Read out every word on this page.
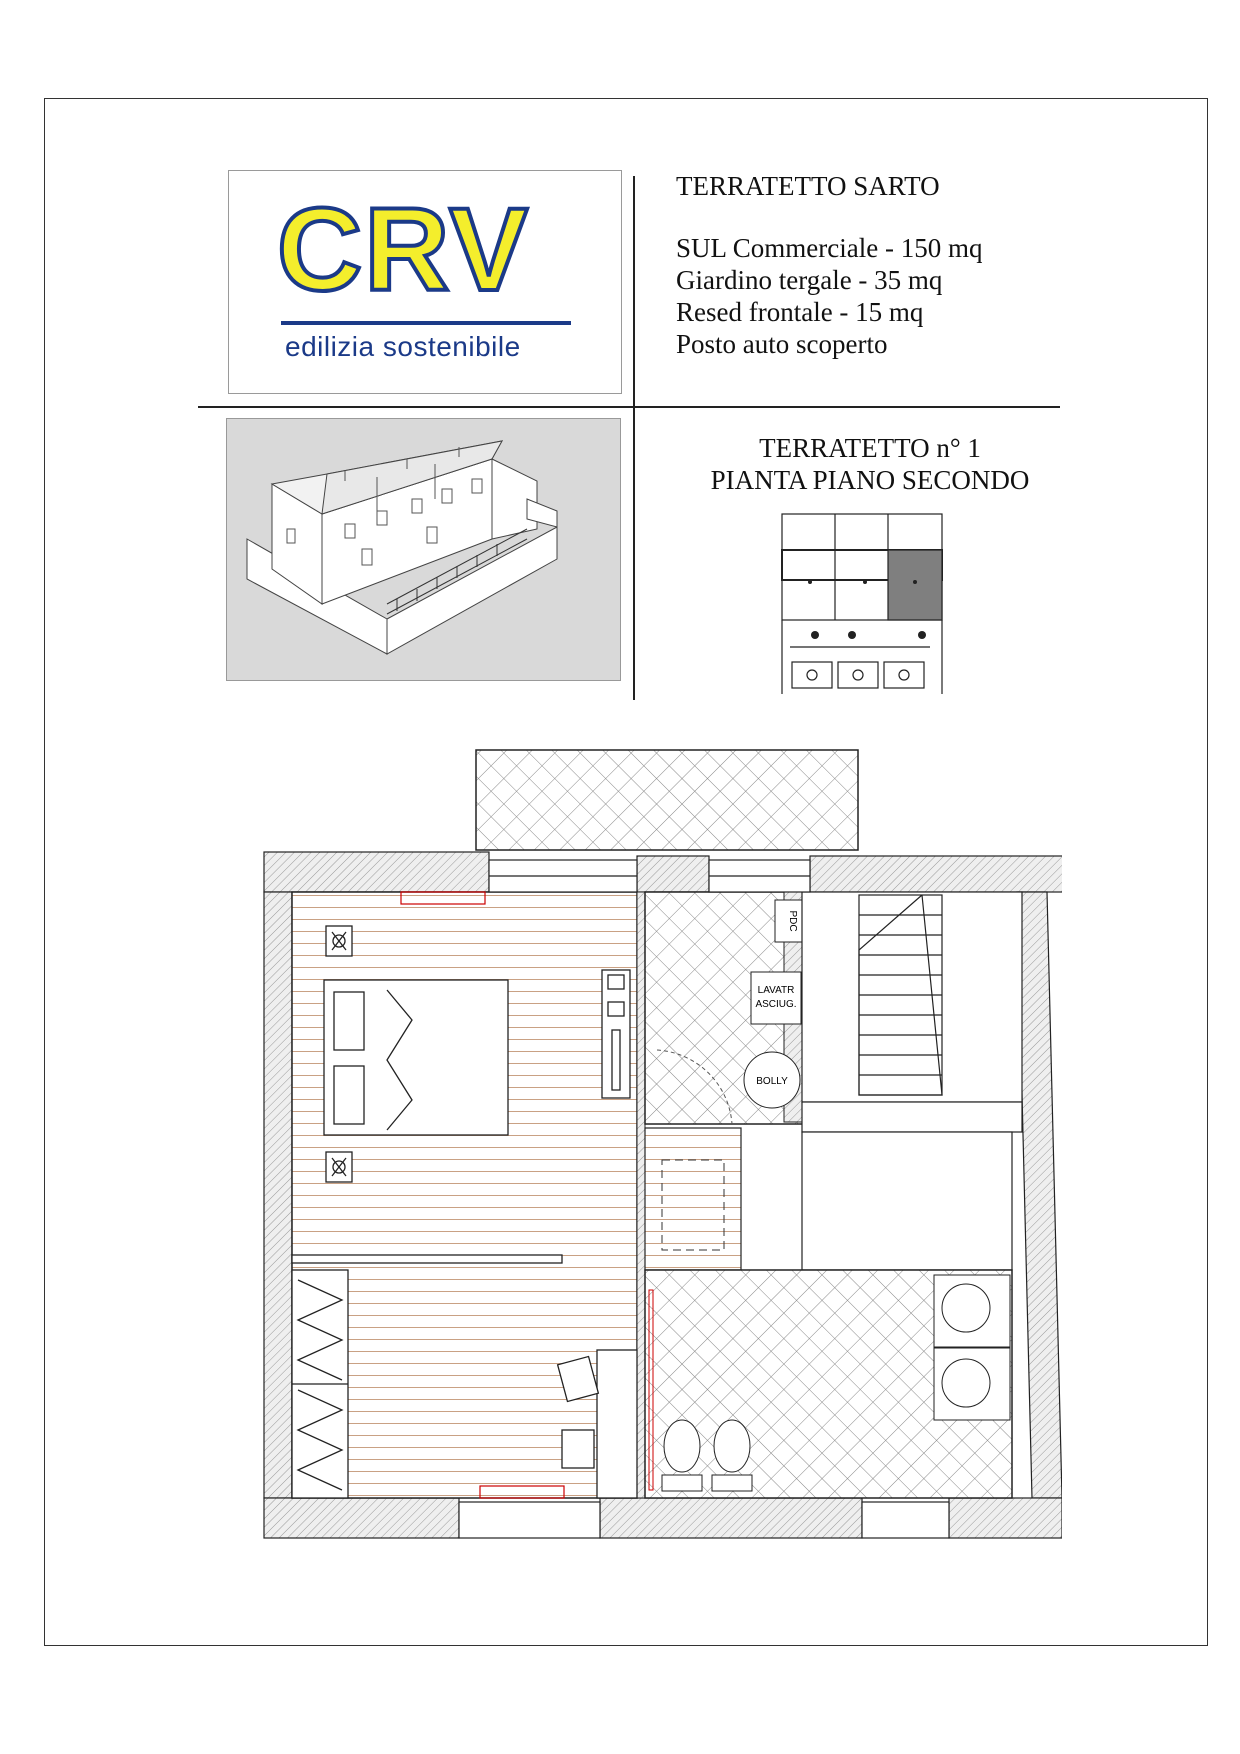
CRV
edilizia sostenibile
TERRATETTO SARTO
SUL Commerciale - 150 mq
Giardino tergale - 35 mq
Resed frontale - 15 mq
Posto auto scoperto
TERRATETTO n° 1
PIANTA PIANO SECONDO
PDC
LAVATR
ASCIUG.
BOLLY
